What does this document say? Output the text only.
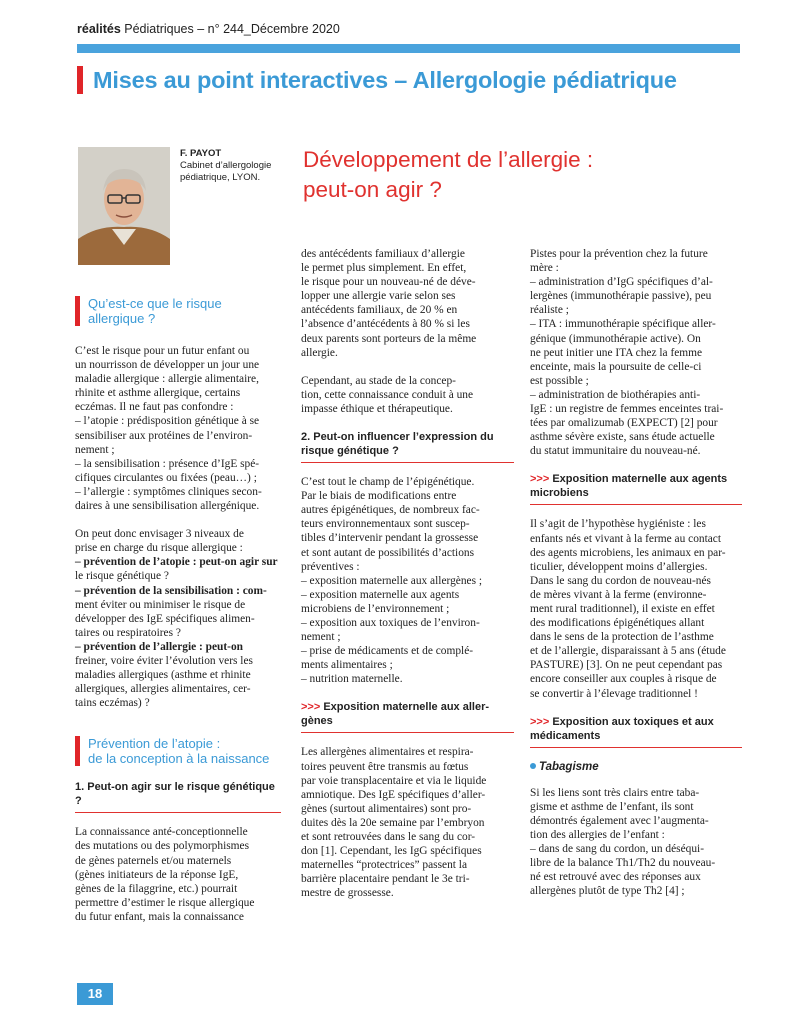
réalités Pédiatriques – n° 244_Décembre 2020
Mises au point interactives – Allergologie pédiatrique
F. PAYOT
Cabinet d’allergologie
pédiatrique, LYON.
Développement de l’allergie :
peut-on agir ?
Qu’est-ce que le risque
allergique ?

C’est le risque pour un futur enfant ou
un nourrisson de développer un jour une
maladie allergique : allergie alimentaire,
rhinite et asthme allergique, certains
eczémas. Il ne faut pas confondre :
– l’atopie : prédisposition génétique à se
sensibiliser aux protéines de l’environ-
nement ;
– la sensibilisation : présence d’IgE spé-
cifiques circulantes ou fixées (peau…) ;
– l’allergie : symptômes cliniques secon-
daires à une sensibilisation allergénique.

On peut donc envisager 3 niveaux de
prise en charge du risque allergique :
– prévention de l’atopie : peut-on agir sur
le risque génétique ?
– prévention de la sensibilisation : com-
ment éviter ou minimiser le risque de
développer des IgE spécifiques alimen-
taires ou respiratoires ?
– prévention de l’allergie : peut-on
freiner, voire éviter l’évolution vers les
maladies allergiques (asthme et rhinite
allergiques, allergies alimentaires, cer-
tains eczémas) ?

Prévention de l’atopie :
de la conception à la naissance
1. Peut-on agir sur le risque génétique ?

La connaissance anté-conceptionnelle
des mutations ou des polymorphismes
de gènes paternels et/ou maternels
(gènes initiateurs de la réponse IgE,
gènes de la filaggrine, etc.) pourrait
permettre d’estimer le risque allergique
du futur enfant, mais la connaissance

des antécédents familiaux d’allergie
le permet plus simplement. En effet,
le risque pour un nouveau-né de déve-
lopper une allergie varie selon ses
antécédents familiaux, de 20 % en
l’absence d’antécédents à 80 % si les
deux parents sont porteurs de la même
allergie.

Cependant, au stade de la concep-
tion, cette connaissance conduit à une
impasse éthique et thérapeutique.

2. Peut-on influencer l’expression du
risque génétique ?

C’est tout le champ de l’épigénétique.
Par le biais de modifications entre
autres épigénétiques, de nombreux fac-
teurs environnementaux sont suscep-
tibles d’intervenir pendant la grossesse
et sont autant de possibilités d’actions
préventives :
– exposition maternelle aux allergènes ;
– exposition maternelle aux agents
microbiens de l’environnement ;
– exposition aux toxiques de l’environ-
nement ;
– prise de médicaments et de complé-
ments alimentaires ;
– nutrition maternelle.

>>> Exposition maternelle aux aller-
gènes

Les allergènes alimentaires et respira-
toires peuvent être transmis au fœtus
par voie transplacentaire et via le liquide
amniotique. Des IgE spécifiques d’aller-
gènes (surtout alimentaires) sont pro-
duites dès la 20e semaine par l’embryon
et sont retrouvées dans le sang du cor-
don [1]. Cependant, les IgG spécifiques
maternelles “protectrices” passent la
barrière placentaire pendant le 3e tri-
mestre de grossesse.

Pistes pour la prévention chez la future
mère :
– administration d’IgG spécifiques d’al-
lergènes (immunothérapie passive), peu
réaliste ;
– ITA : immunothérapie spécifique aller-
génique (immunothérapie active). On
ne peut initier une ITA chez la femme
enceinte, mais la poursuite de celle-ci
est possible ;
– administration de biothérapies anti-
IgE : un registre de femmes enceintes trai-
tées par omalizumab (EXPECT) [2] pour
asthme sévère existe, sans étude actuelle
du statut immunitaire du nouveau-né.

>>> Exposition maternelle aux agents
microbiens

Il s’agit de l’hypothèse hygiéniste : les
enfants nés et vivant à la ferme au contact
des agents microbiens, les animaux en par-
ticulier, développent moins d’allergies.
Dans le sang du cordon de nouveau-nés
de mères vivant à la ferme (environne-
ment rural traditionnel), il existe en effet
des modifications épigénétiques allant
dans le sens de la protection de l’asthme
et de l’allergie, disparaissant à 5 ans (étude
PASTURE) [3]. On ne peut cependant pas
encore conseiller aux couples à risque de
se convertir à l’élevage traditionnel !

>>> Exposition aux toxiques et aux
médicaments
Tabagisme

Si les liens sont très clairs entre taba-
gisme et asthme de l’enfant, ils sont
démontrés également avec l’augmenta-
tion des allergies de l’enfant :
– dans de sang du cordon, un déséqui-
libre de la balance Th1/Th2 du nouveau-
né est retrouvé avec des réponses aux
allergènes plutôt de type Th2 [4] ;

18
